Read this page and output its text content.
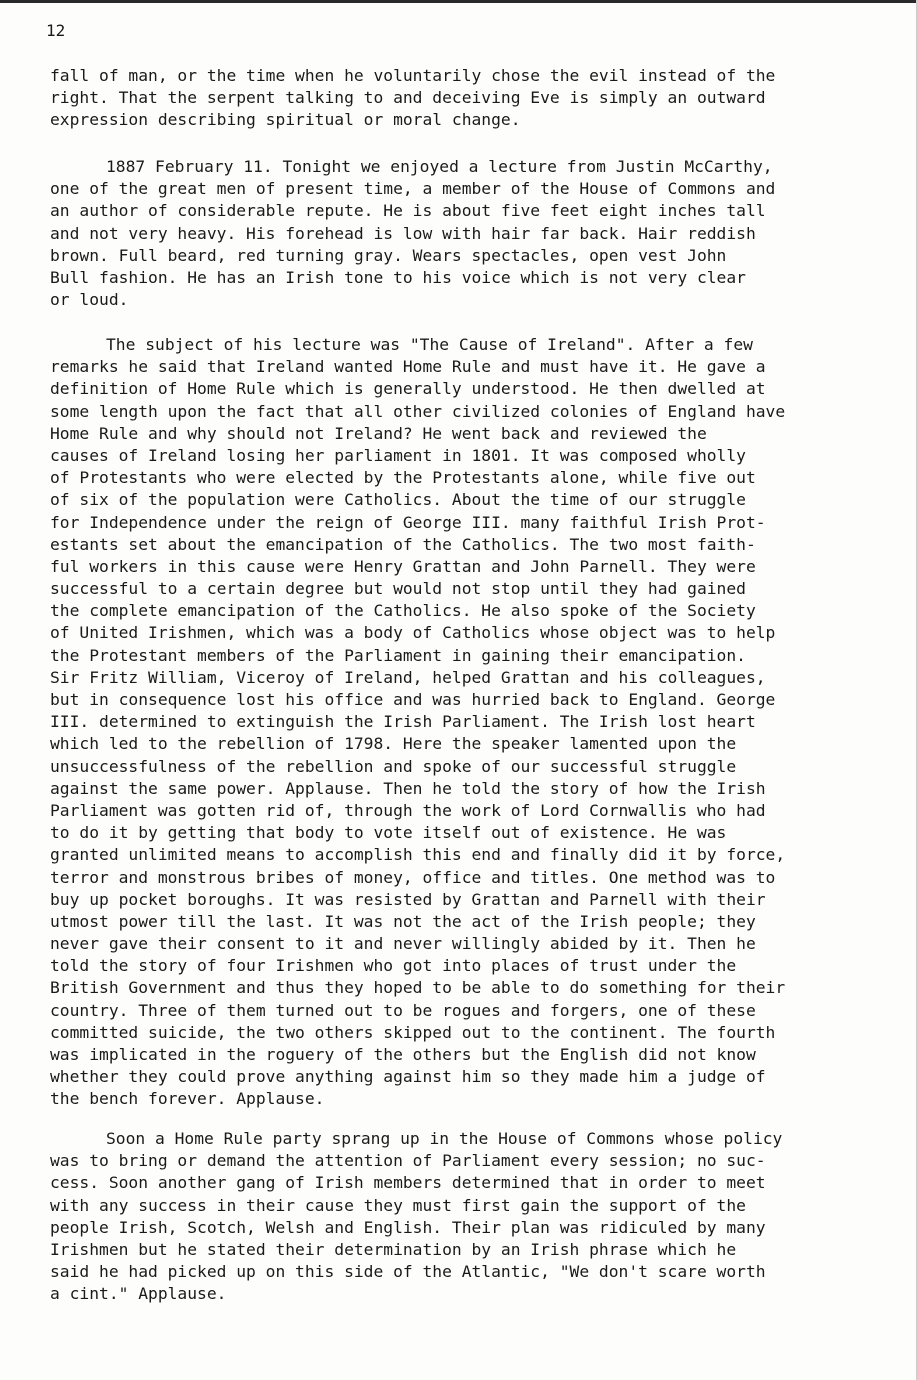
12
fall of man, or the time when he voluntarily chose the evil instead of the
right. That the serpent talking to and deceiving Eve is simply an outward
expression describing spiritual or moral change.
1887 February 11. Tonight we enjoyed a lecture from Justin McCarthy,
one of the great men of present time, a member of the House of Commons and
an author of considerable repute. He is about five feet eight inches tall
and not very heavy. His forehead is low with hair far back. Hair reddish
brown. Full beard, red turning gray. Wears spectacles, open vest John
Bull fashion. He has an Irish tone to his voice which is not very clear
or loud.
The subject of his lecture was "The Cause of Ireland". After a few
remarks he said that Ireland wanted Home Rule and must have it. He gave a
definition of Home Rule which is generally understood. He then dwelled at
some length upon the fact that all other civilized colonies of England have
Home Rule and why should not Ireland? He went back and reviewed the
causes of Ireland losing her parliament in 1801. It was composed wholly
of Protestants who were elected by the Protestants alone, while five out
of six of the population were Catholics. About the time of our struggle
for Independence under the reign of George III. many faithful Irish Prot-
estants set about the emancipation of the Catholics. The two most faith-
ful workers in this cause were Henry Grattan and John Parnell. They were
successful to a certain degree but would not stop until they had gained
the complete emancipation of the Catholics. He also spoke of the Society
of United Irishmen, which was a body of Catholics whose object was to help
the Protestant members of the Parliament in gaining their emancipation.
Sir Fritz William, Viceroy of Ireland, helped Grattan and his colleagues,
but in consequence lost his office and was hurried back to England. George
III. determined to extinguish the Irish Parliament. The Irish lost heart
which led to the rebellion of 1798. Here the speaker lamented upon the
unsuccessfulness of the rebellion and spoke of our successful struggle
against the same power. Applause. Then he told the story of how the Irish
Parliament was gotten rid of, through the work of Lord Cornwallis who had
to do it by getting that body to vote itself out of existence. He was
granted unlimited means to accomplish this end and finally did it by force,
terror and monstrous bribes of money, office and titles. One method was to
buy up pocket boroughs. It was resisted by Grattan and Parnell with their
utmost power till the last. It was not the act of the Irish people; they
never gave their consent to it and never willingly abided by it. Then he
told the story of four Irishmen who got into places of trust under the
British Government and thus they hoped to be able to do something for their
country. Three of them turned out to be rogues and forgers, one of these
committed suicide, the two others skipped out to the continent. The fourth
was implicated in the roguery of the others but the English did not know
whether they could prove anything against him so they made him a judge of
the bench forever. Applause.
Soon a Home Rule party sprang up in the House of Commons whose policy
was to bring or demand the attention of Parliament every session; no suc-
cess. Soon another gang of Irish members determined that in order to meet
with any success in their cause they must first gain the support of the
people Irish, Scotch, Welsh and English. Their plan was ridiculed by many
Irishmen but he stated their determination by an Irish phrase which he
said he had picked up on this side of the Atlantic, "We don't scare worth
a cint." Applause.
